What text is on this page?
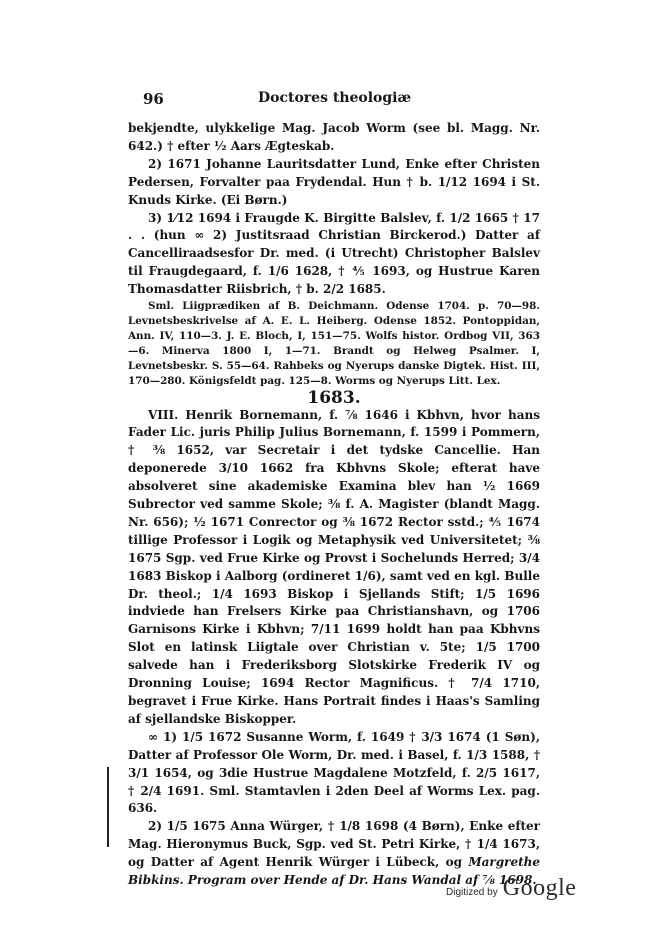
96	Doctores theologiæ

bekjendte, ulykkelige Mag. Jacob Worm (see bl. Magg. Nr. 642.) † efter ½ Aars Ægteskab.

2) 1671 Johanne Lauritsdatter Lund, Enke efter Christen Pedersen, Forvalter paa Frydendal. Hun † b. 1/12 1694 i St. Knuds Kirke. (Ei Børn.)

3) 1⁄12 1694 i Fraugde K. Birgitte Balslev, f. 1/2 1665 † 17 . . (hun ∞ 2) Justitsraad Christian Birckerod.) Datter af Cancelliraadsesfor Dr. med. (i Utrecht) Christopher Balslev til Fraugdegaard, f. 1/6 1628, † ⅘ 1693, og Hustrue Karen Thomasdatter Riisbrich, † b. 2/2 1685.

Sml. Liigprædiken af B. Deichmann. Odense 1704. p. 70—98. Levnetsbeskrivelse af A. E. L. Heiberg. Odense 1852. Pontoppidan, Ann. IV, 110—3. J. E. Bloch, I, 151—75. Wolfs histor. Ordbog VII, 363 —6. Minerva 1800 I, 1—71. Brandt og Helweg Psalmer. I, Levnetsbeskr. S. 55—64. Rahbeks og Nyerups danske Digtek. Hist. III, 170—280. Königsfeldt pag. 125—8. Worms og Nyerups Litt. Lex.

1683.

VIII. Henrik Bornemann, f. ⅞ 1646 i Kbhvn, hvor hans Fader Lic. juris Philip Julius Bornemann, f. 1599 i Pommern, † ⅜ 1652, var Secretair i det tydske Cancellie. Han deponerede 3/10 1662 fra Kbhvns Skole; efterat have absolveret sine akademiske Examina blev han ½ 1669 Subrector ved samme Skole; ⅜ f. A. Magister (blandt Magg. Nr. 656); ½ 1671 Conrector og ⅜ 1672 Rector sstd.; ⅘ 1674 tillige Professor i Logik og Metaphysik ved Universitetet; ⅜ 1675 Sgp. ved Frue Kirke og Provst i Sochelunds Herred; 3/4 1683 Biskop i Aalborg (ordineret 1/6), samt ved en kgl. Bulle Dr. theol.; 1/4 1693 Biskop i Sjellands Stift; 1/5 1696 indviede han Frelsers Kirke paa Christianshavn, og 1706 Garnisons Kirke i Kbhvn; 7/11 1699 holdt han paa Kbhvns Slot en latinsk Liigtale over Christian v. 5te; 1/5 1700 salvede han i Frederiksborg Slotskirke Frederik IV og Dronning Louise; 1694 Rector Magnificus. † 7/4 1710, begravet i Frue Kirke. Hans Portrait findes i Haas's Samling af sjellandske Biskopper.

∞ 1) 1/5 1672 Susanne Worm, f. 1649 † 3/3 1674 (1 Søn), Datter af Professor Ole Worm, Dr. med. i Basel, f. 1/3 1588, † 3/1 1654, og 3die Hustrue Magdalene Motzfeld, f. 2/5 1617, † 2/4 1691. Sml. Stamtavlen i 2den Deel af Worms Lex. pag. 636.

2) 1/5 1675 Anna Würger, † 1/8 1698 (4 Børn), Enke efter Mag. Hieronymus Buck, Sgp. ved St. Petri Kirke, † 1/4 1673, og Datter af Agent Henrik Würger i Lübeck, og Margrethe Bibkins. Program over Hende af Dr. Hans Wandal af ⅞ 1698.

Digitized by Google
